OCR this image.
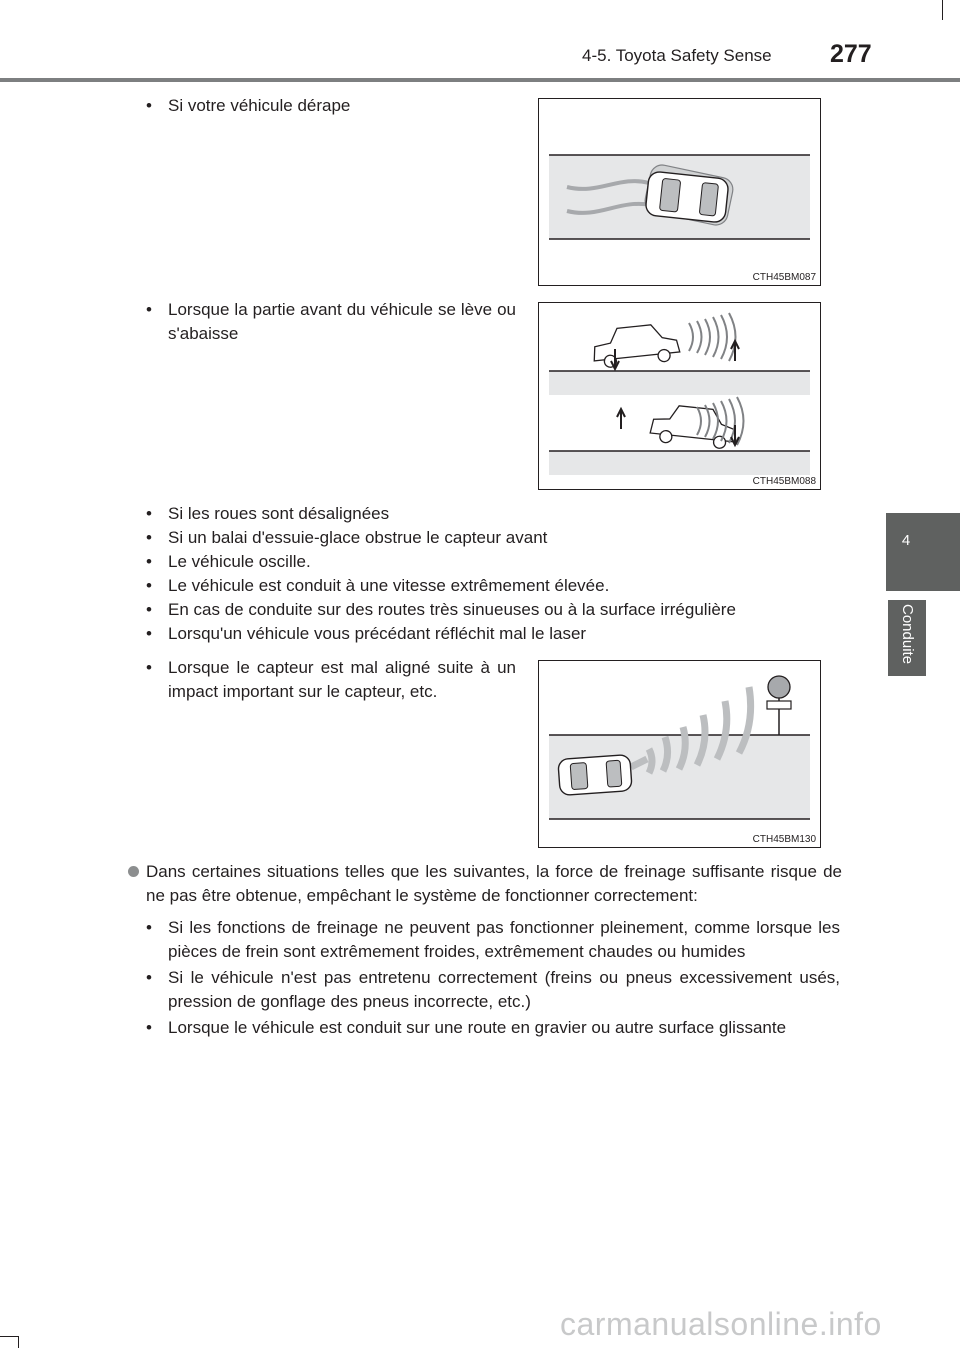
4-5. Toyota Safety Sense 277
4
Conduite
• Si votre véhicule dérape
CTH45BM087
• Lorsque la partie avant du véhicule se lève ou s'abaisse
CTH45BM088
• Si les roues sont désalignées
• Si un balai d'essuie-glace obstrue le capteur avant
• Le véhicule oscille.
• Le véhicule est conduit à une vitesse extrêmement élevée.
• En cas de conduite sur des routes très sinueuses ou à la surface irrégulière
• Lorsqu'un véhicule vous précédant réfléchit mal le laser
• Lorsque le capteur est mal aligné suite à un impact important sur le capteur, etc.
CTH45BM130
Dans certaines situations telles que les suivantes, la force de freinage suffisante risque de ne pas être obtenue, empêchant le système de fonctionner correctement:
• Si les fonctions de freinage ne peuvent pas fonctionner pleinement, comme lorsque les pièces de frein sont extrêmement froides, extrêmement chaudes ou humides
• Si le véhicule n'est pas entretenu correctement (freins ou pneus excessivement usés, pression de gonflage des pneus incorrecte, etc.)
• Lorsque le véhicule est conduit sur une route en gravier ou autre surface glissante
carmanualsonline.info
